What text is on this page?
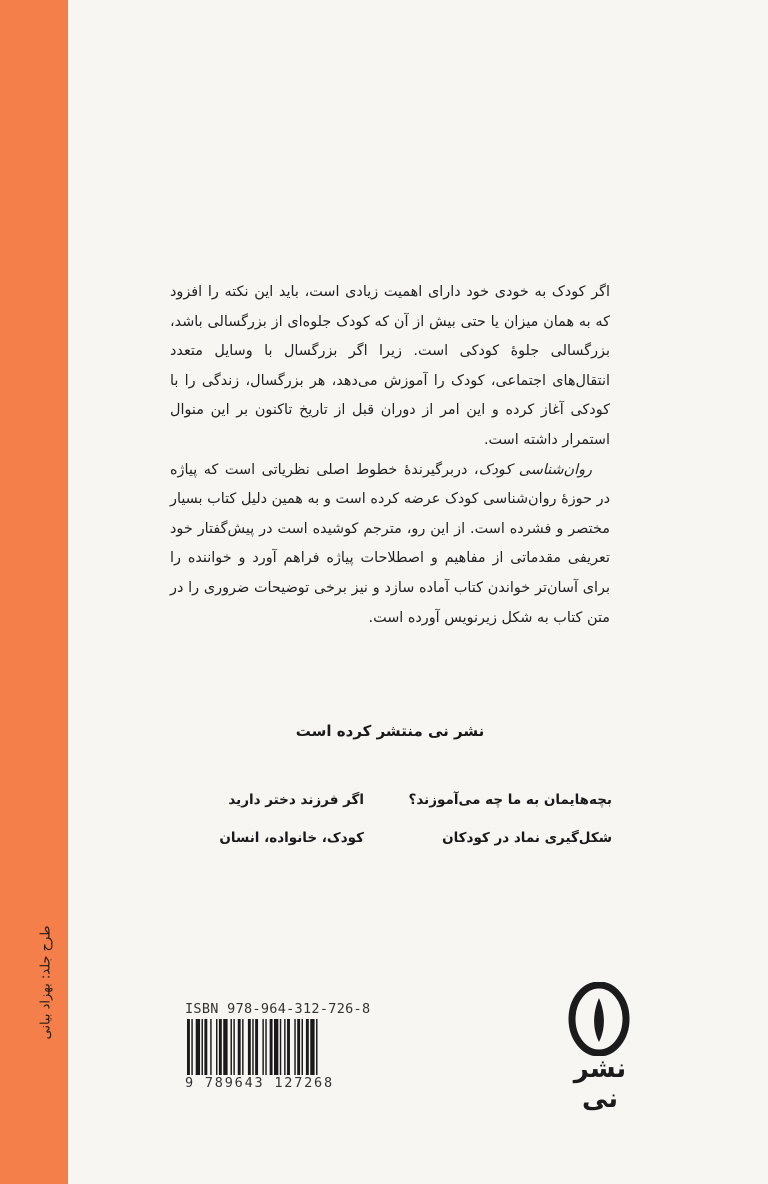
طرح جلد: بهزاد بیانی

اگر کودک به خودی خود دارای اهمیت زیادی است، باید این نکته را افزود که به همان میزان یا حتی بیش از آن که کودک جلوه‌ای از بزرگسالی باشد، بزرگسالی جلوهٔ کودکی است. زیرا اگر بزرگسال با وسایل متعدد انتقال‌های اجتماعی، کودک را آموزش می‌دهد، هر بزرگسال، زندگی را با کودکی آغاز کرده و این امر از دوران قبل از تاریخ تاکنون بر این منوال استمرار داشته است.

روان‌شناسی کودک، دربرگیرندهٔ خطوط اصلی نظریاتی است که پیاژه در حوزهٔ روان‌شناسی کودک عرضه کرده است و به همین دلیل کتاب بسیار مختصر و فشرده است. از این رو، مترجم کوشیده است در پیش‌گفتار خود تعریفی مقدماتی از مفاهیم و اصطلاحات پیاژه فراهم آورد و خواننده را برای آسان‌تر خواندن کتاب آماده سازد و نیز برخی توضیحات ضروری را در متن کتاب به شکل زیرنویس آورده است.

نشر نی منتشر کرده است
بچه‌هایمان به ما چه می‌آموزند؟
اگر فرزند دختر دارید
شکل‌گیری نماد در کودکان
کودک، خانواده، انسان
ISBN 978-964-312-726-8
9 789643 127268	نشر نی
